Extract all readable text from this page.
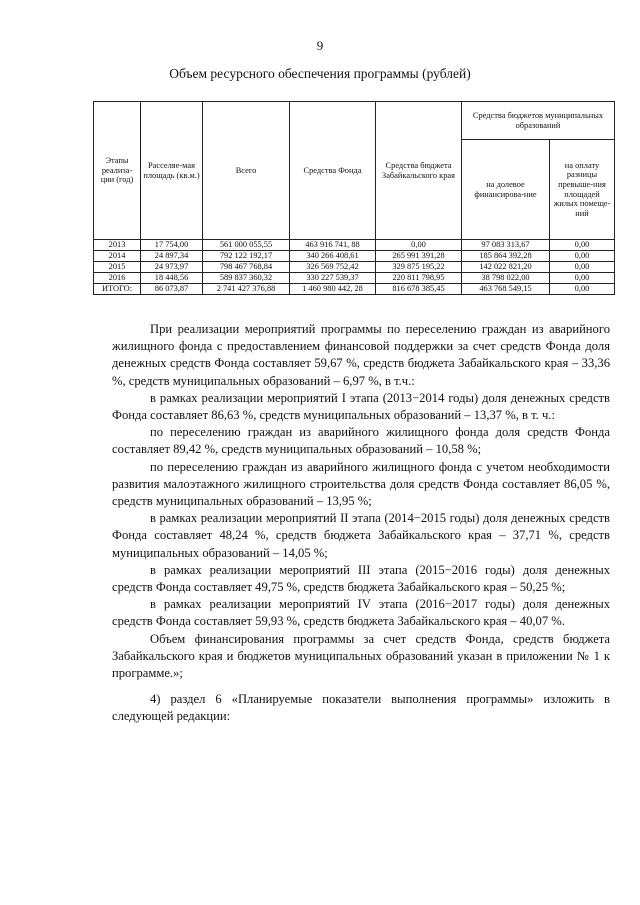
9
Объем ресурсного обеспечения программы (рублей)
Этапы реализа-ции (год)	Расселяе-мая площадь (кв.м.)	Всего	Средства Фонда	Средства бюджета Забайкальского края	Средства бюджетов муниципальных образований	
					на долевое финансирова-ние	на оплату разницы превыше-ния площадей жилых помеще-ний
2013	17 754,00	561 000 055,55	463 916 741, 88	0,00	97 083 313,67	0,00
2014	24 897,34	792 122 192,17	340 266 408,61	265 991 391,28	185 864 392,28	0,00
2015	24 973,97	798 467 768,84	326 569 752,42	329 875 195,22	142 022 821,20	0,00
2016	18 448,56	589 837 360,32	330 227 539,37	220 811 798,95	38 798 022,00	0,00
ИТОГО:	86 073,87	2 741 427 376,88	1 460 980 442, 28	816 678 385,45	463 768 549,15	0,00

При реализации мероприятий программы по переселению граждан из аварийного жилищного фонда с предоставлением финансовой поддержки за счет средств Фонда доля денежных средств Фонда составляет 59,67 %, средств бюджета Забайкальского края – 33,36 %, средств муниципальных образований – 6,97 %, в т.ч.:

в рамках реализации мероприятий I этапа (2013−2014 годы) доля денежных средств Фонда составляет 86,63 %, средств муниципальных образований – 13,37 %, в т. ч.:

по переселению граждан из аварийного жилищного фонда доля средств Фонда составляет 89,42 %, средств муниципальных образований – 10,58 %;

по переселению граждан из аварийного жилищного фонда с учетом необходимости развития малоэтажного жилищного строительства доля средств Фонда составляет 86,05 %, средств муниципальных образований – 13,95 %;

в рамках реализации мероприятий II этапа (2014−2015 годы) доля денежных средств Фонда составляет 48,24 %, средств бюджета Забайкальского края – 37,71 %, средств муниципальных образований – 14,05 %;

в рамках реализации мероприятий III этапа (2015−2016 годы) доля денежных средств Фонда составляет 49,75 %, средств бюджета Забайкальского края – 50,25 %;

в рамках реализации мероприятий IV этапа (2016−2017 годы) доля денежных средств Фонда составляет 59,93 %, средств бюджета Забайкальского края – 40,07 %.

Объем финансирования программы за счет средств Фонда, средств бюджета Забайкальского края и бюджетов муниципальных образований указан в приложении № 1 к программе.»;

4) раздел 6 «Планируемые показатели выполнения программы» изложить в следующей редакции:
